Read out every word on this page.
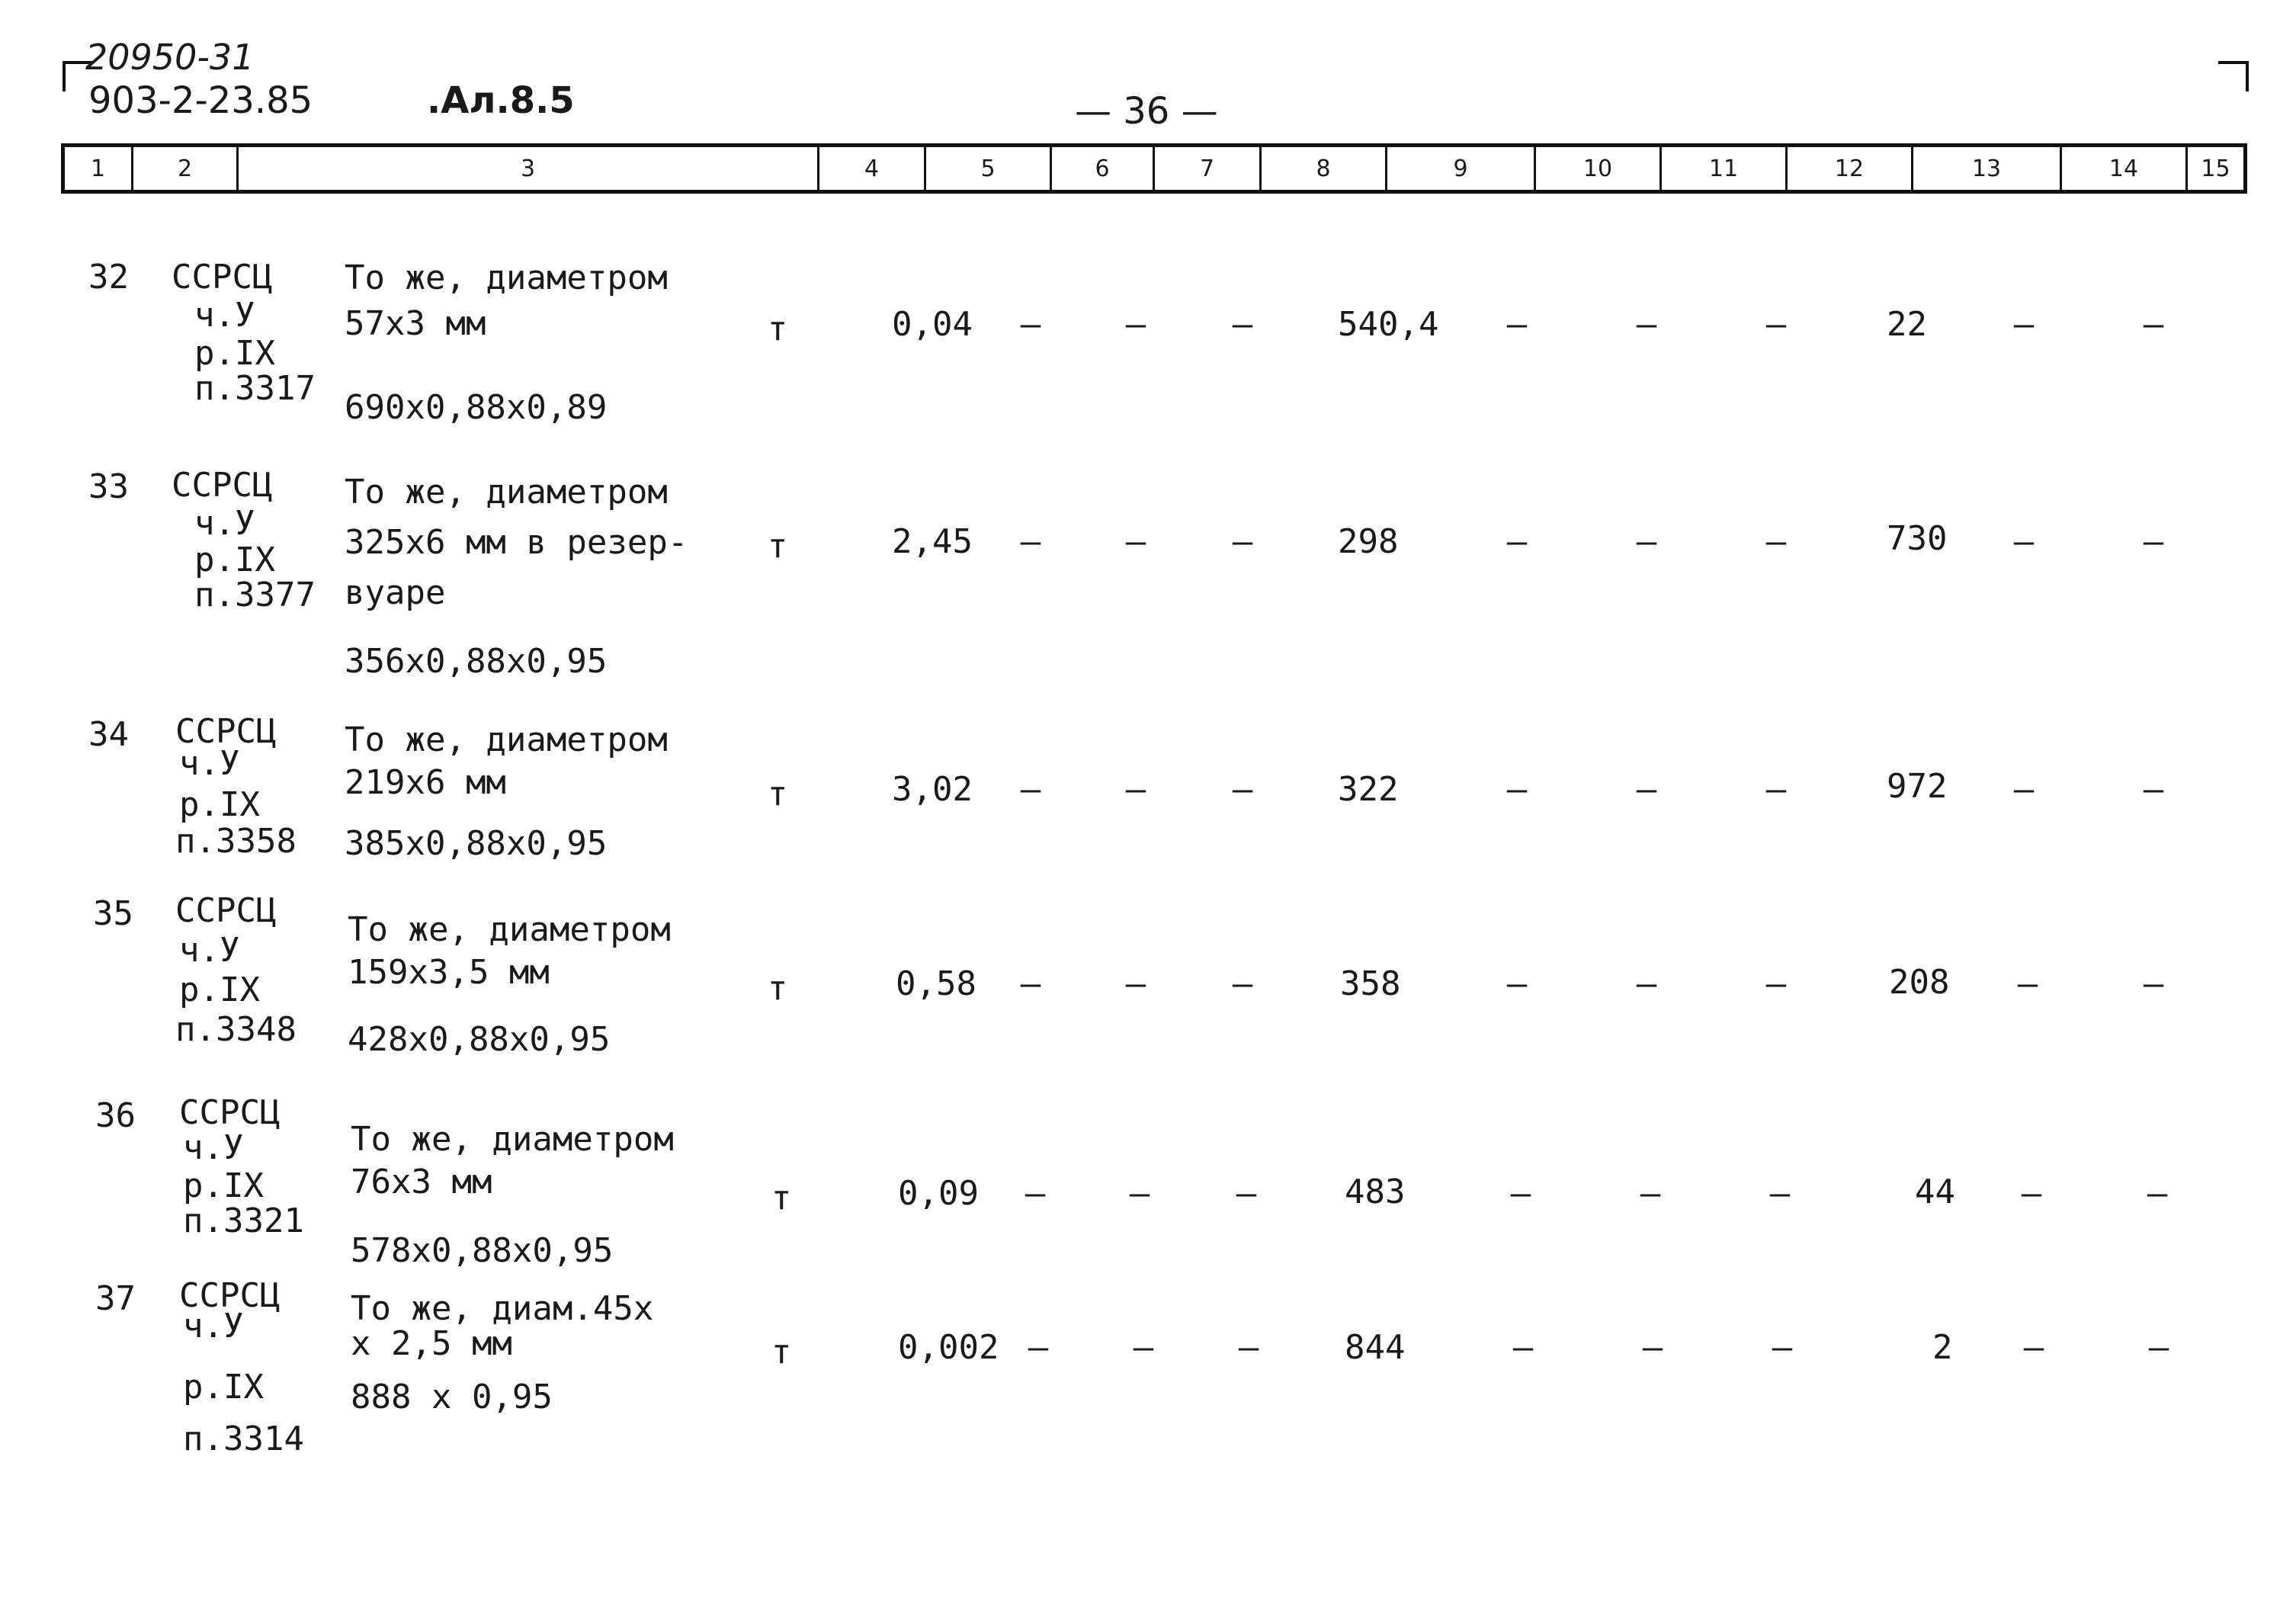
20950-31
903-2-23.85	.Ал.8.5	— 36 —
1	2	3	4	5	6	7	8	9	10	11	12	13	14	15
32 ССРСЦ
ч.У
р.IX
п.3317
То же, диаметром
57х3 мм
690х0,88х0,89
т	0,04	–	–	–	540,4	–	–	–	22	–	–
33 ССРСЦ
ч.У
р.IX
п.3377
То же, диаметром
325х6 мм в резер-
вуаре
356х0,88х0,95
т	2,45	–	–	–	298	–	–	–	730	–	–
34 ССРСЦ
ч.У
р.IX
п.3358
То же, диаметром
219х6 мм
385х0,88х0,95
т	3,02	–	–	–	322	–	–	–	972	–	–
35 ССРСЦ
ч.У
р.IX
п.3348
То же, диаметром
159х3,5 мм
428х0,88х0,95
т	0,58	–	–	–	358	–	–	–	208	–	–
36 ССРСЦ
ч.У
р.IX
п.3321
То же, диаметром
76х3 мм
578х0,88х0,95
т	0,09	–	–	–	483	–	–	–	44	–	–
37 ССРСЦ
ч.У
р.IX
п.3314
То же, диам.45х
х 2,5 мм
888 х 0,95
т	0,002 –	–	–	844	–	–	–	2	–	–
